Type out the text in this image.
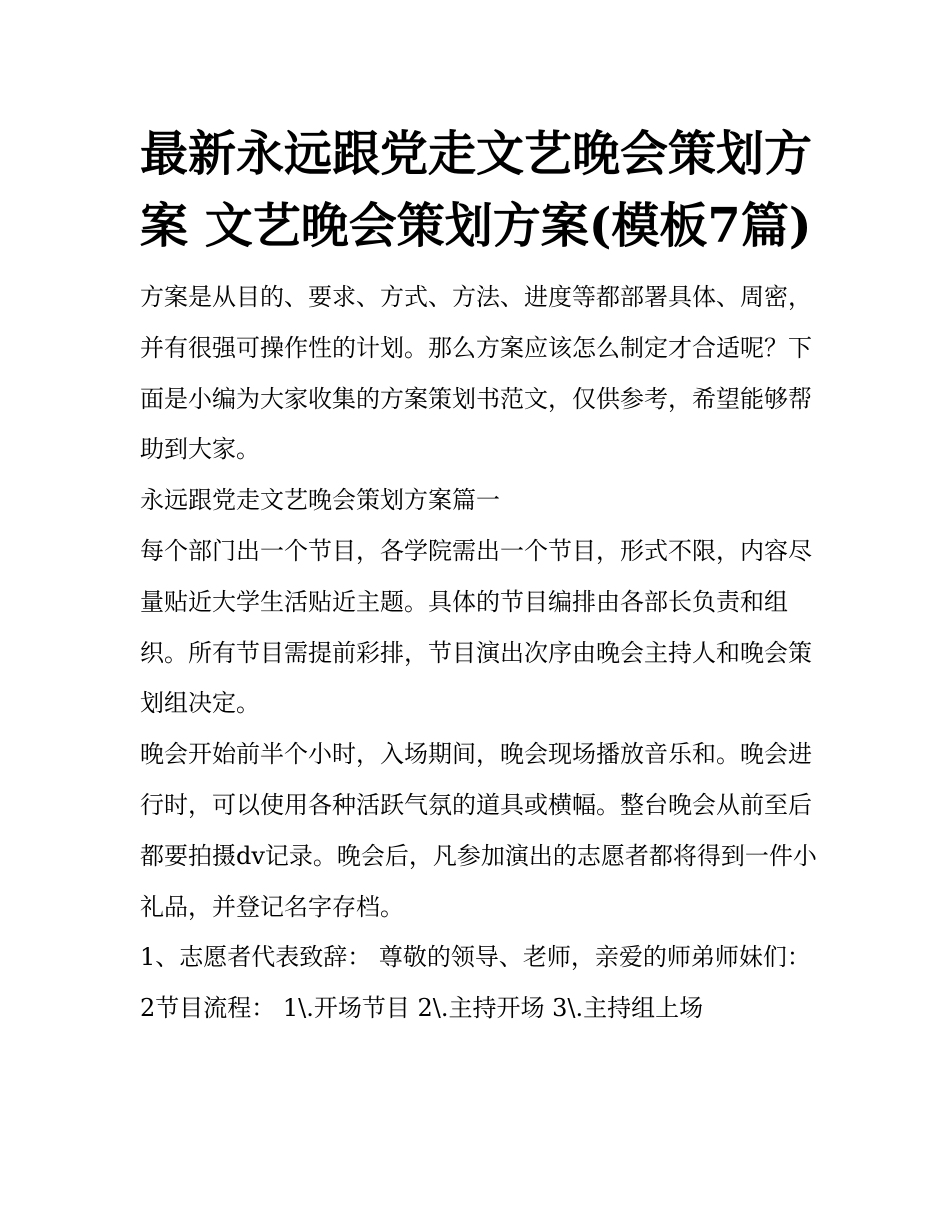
最新永远跟党走文艺晚会策划方案 文艺晚会策划方案(模板7篇)

方案是从目的、要求、方式、方法、进度等都部署具体、周密，并有很强可操作性的计划。那么方案应该怎么制定才合适呢？下面是小编为大家收集的方案策划书范文，仅供参考，希望能够帮助到大家。

永远跟党走文艺晚会策划方案篇一

每个部门出一个节目，各学院需出一个节目，形式不限，内容尽量贴近大学生活贴近主题。具体的节目编排由各部长负责和组织。所有节目需提前彩排，节目演出次序由晚会主持人和晚会策划组决定。

晚会开始前半个小时，入场期间，晚会现场播放音乐和。晚会进行时，可以使用各种活跃气氛的道具或横幅。整台晚会从前至后都要拍摄dv记录。晚会后，凡参加演出的志愿者都将得到一件小礼品，并登记名字存档。

1、志愿者代表致辞： 尊敬的领导、老师，亲爱的师弟师妹们： 2节目流程： 1\.开场节目 2\.主持开场 3\.主持组上场
